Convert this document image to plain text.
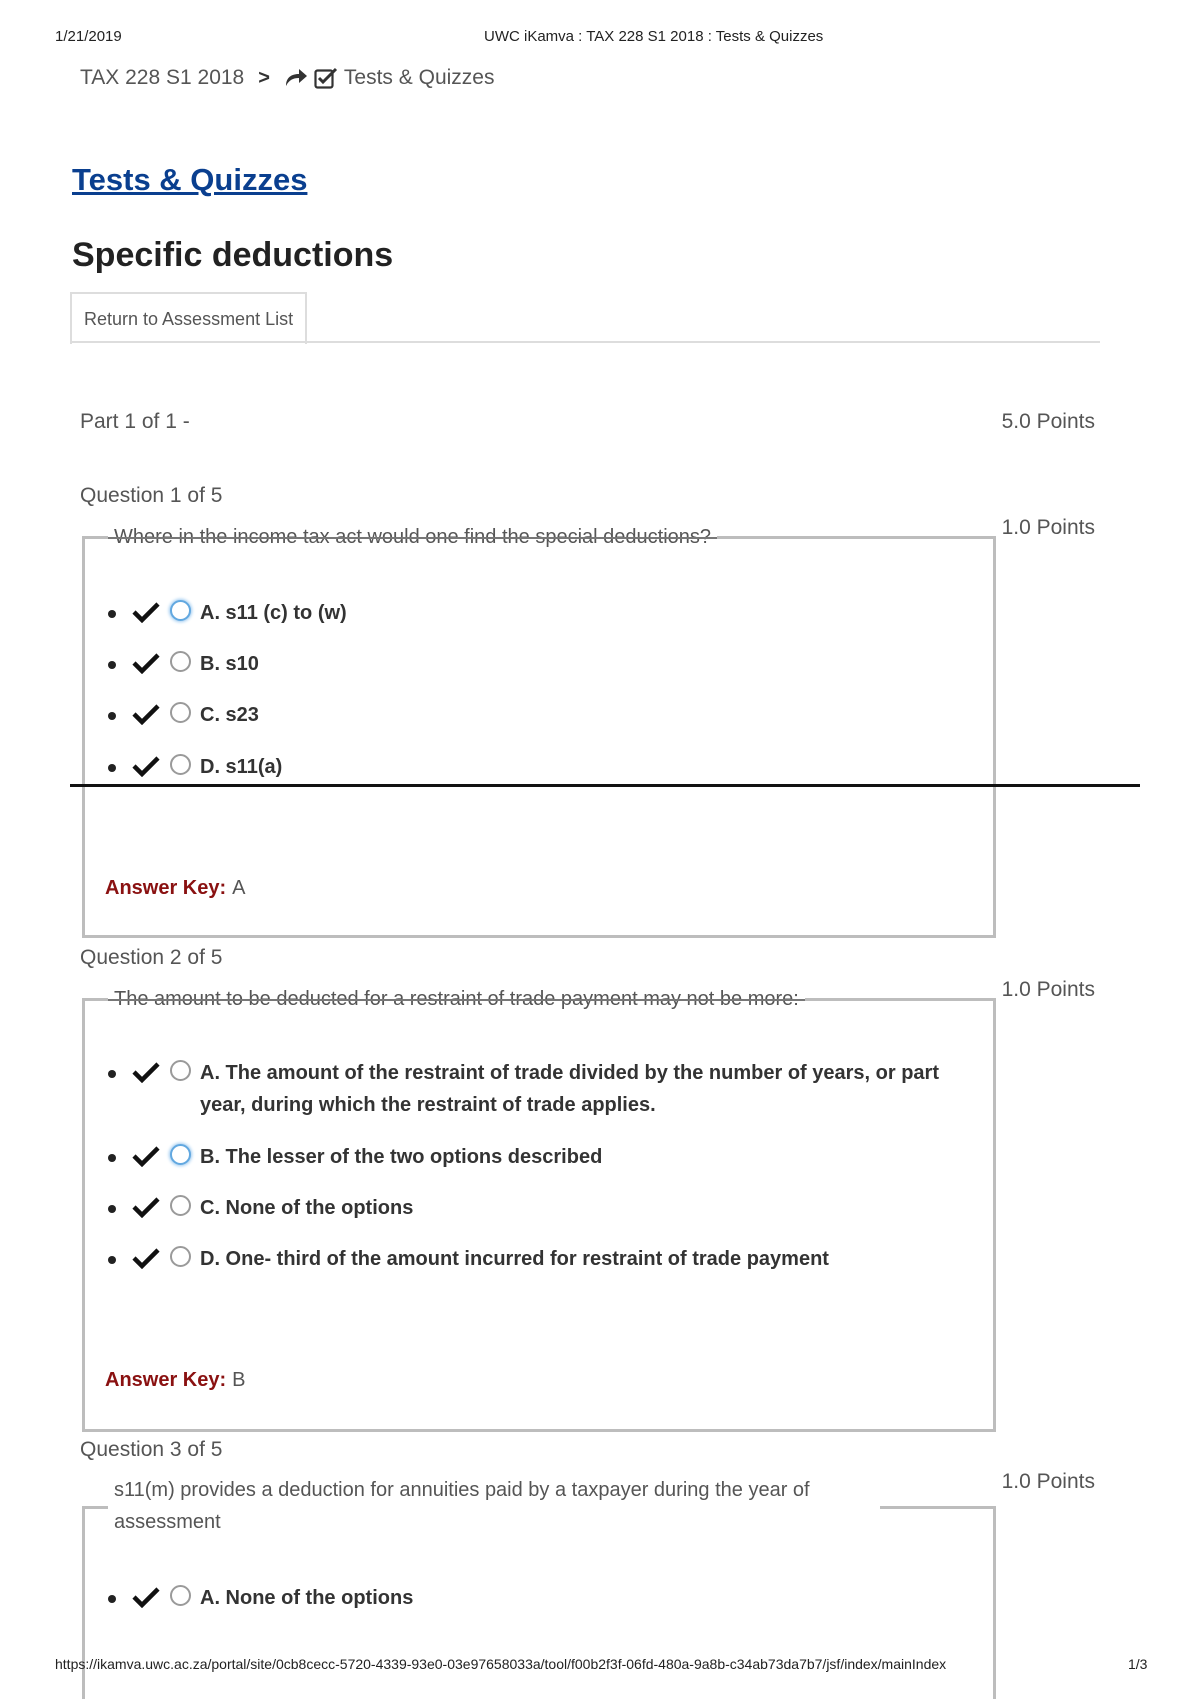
1/21/2019	UWC iKamva : TAX 228 S1 2018 : Tests & Quizzes
TAX 228 S1 2018 >	Tests & Quizzes
Tests & Quizzes
Specific deductions
Return to Assessment List
Part 1 of 1 -	5.0 Points
Question 1 of 5
1.0 Points
Where in the income tax act would one find the special deductions?
A. s11 (c) to (w)
B. s10
C. s23
D. s11(a)
Answer Key: A
Question 2 of 5
1.0 Points
The amount to be deducted for a restraint of trade payment may not be more:
A. The amount of the restraint of trade divided by the number of years, or part year, during which the restraint of trade applies.
B. The lesser of the two options described
C. None of the options
D. One- third of the amount incurred for restraint of trade payment
Answer Key: B
Question 3 of 5
1.0 Points
s11(m) provides a deduction for annuities paid by a taxpayer during the year of assessment
A. None of the options
https://ikamva.uwc.ac.za/portal/site/0cb8cecc-5720-4339-93e0-03e97658033a/tool/f00b2f3f-06fd-480a-9a8b-c34ab73da7b7/jsf/index/mainIndex	1/3
